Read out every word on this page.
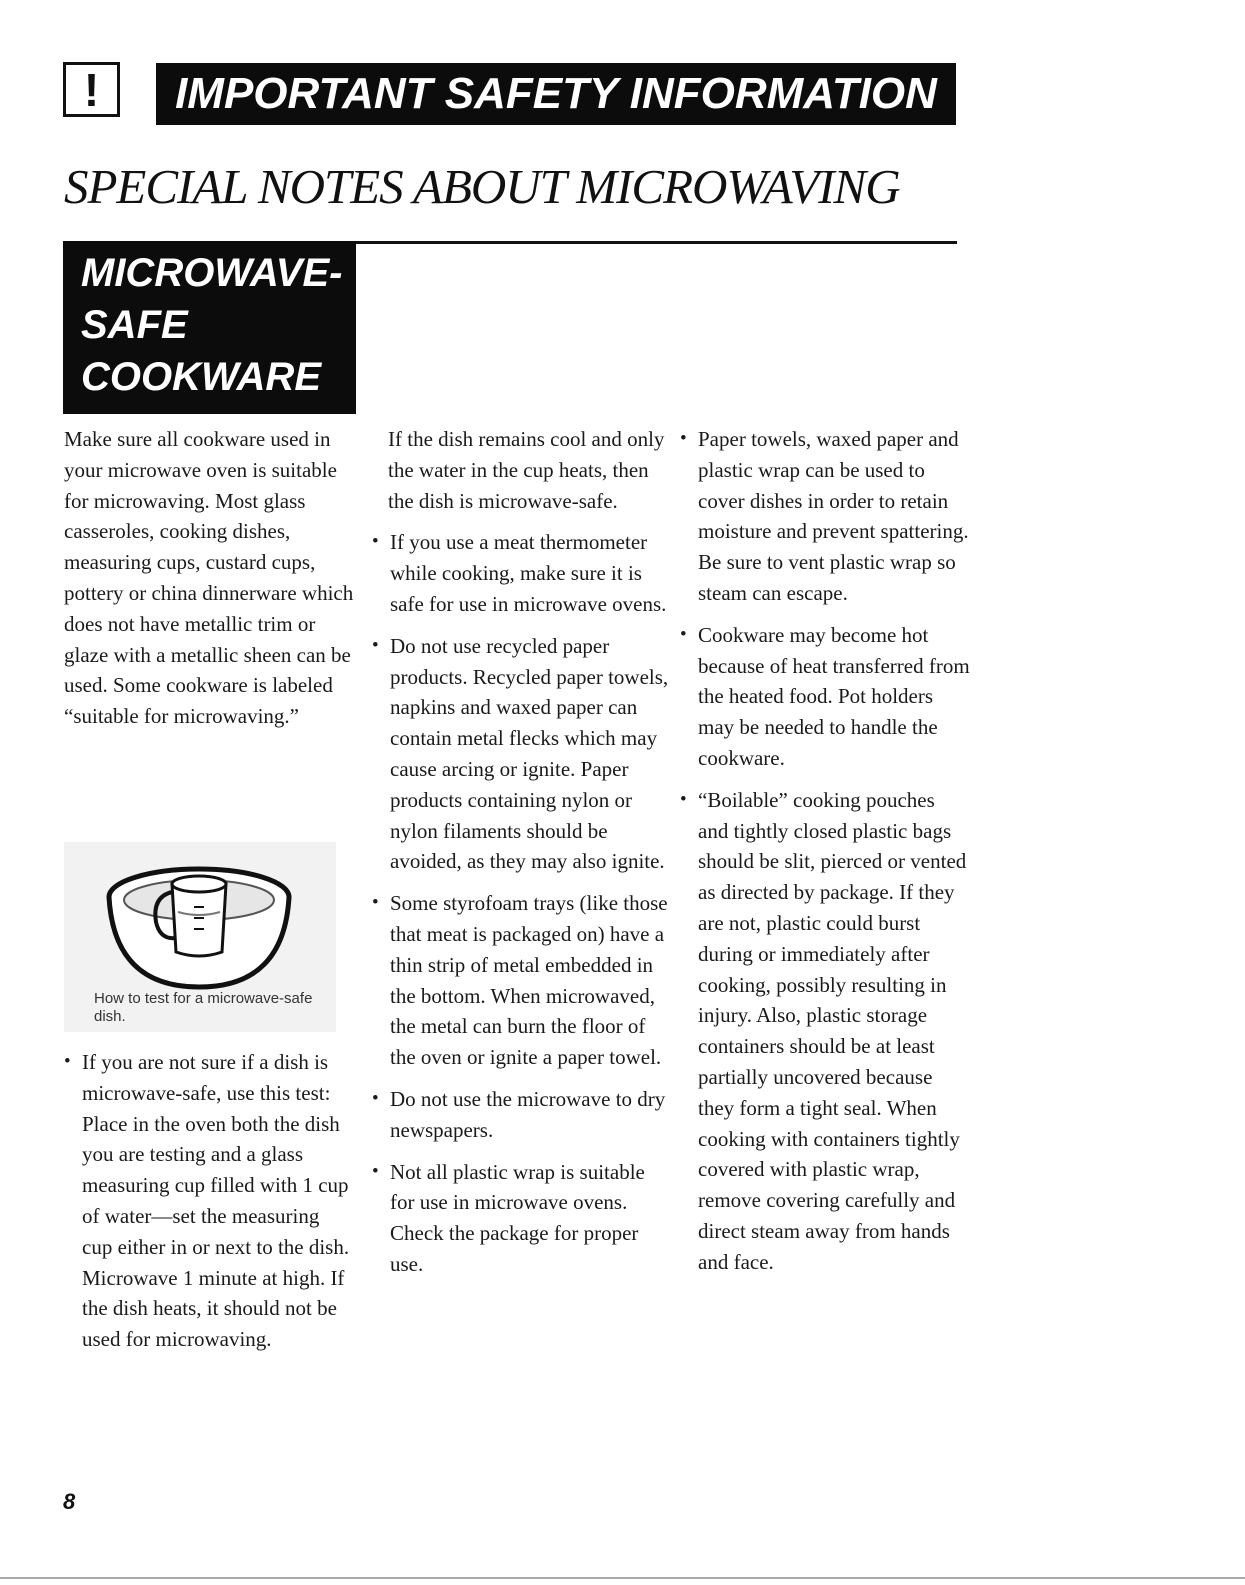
! IMPORTANT SAFETY INFORMATION
SPECIAL NOTES ABOUT MICROWAVING
MICROWAVE-
SAFE
COOKWARE

Make sure all cookware used in your microwave oven is suitable for microwaving. Most glass casseroles, cooking dishes, measuring cups, custard cups, pottery or china dinnerware which does not have metallic trim or glaze with a metallic sheen can be used. Some cookware is labeled “suitable for microwaving.”

How to test for a microwave-safe dish.

• If you are not sure if a dish is microwave-safe, use this test: Place in the oven both the dish you are testing and a glass measuring cup filled with 1 cup of water—set the measuring cup either in or next to the dish. Microwave 1 minute at high. If the dish heats, it should not be used for microwaving.

If the dish remains cool and only the water in the cup heats, then the dish is microwave-safe.

• If you use a meat thermometer while cooking, make sure it is safe for use in microwave ovens.

• Do not use recycled paper products. Recycled paper towels, napkins and waxed paper can contain metal flecks which may cause arcing or ignite. Paper products containing nylon or nylon filaments should be avoided, as they may also ignite.

• Some styrofoam trays (like those that meat is packaged on) have a thin strip of metal embedded in the bottom. When microwaved, the metal can burn the floor of the oven or ignite a paper towel.

• Do not use the microwave to dry newspapers.

• Not all plastic wrap is suitable for use in microwave ovens. Check the package for proper use.

• Paper towels, waxed paper and plastic wrap can be used to cover dishes in order to retain moisture and prevent spattering. Be sure to vent plastic wrap so steam can escape.

• Cookware may become hot because of heat transferred from the heated food. Pot holders may be needed to handle the cookware.

• “Boilable” cooking pouches and tightly closed plastic bags should be slit, pierced or vented as directed by package. If they are not, plastic could burst during or immediately after cooking, possibly resulting in injury. Also, plastic storage containers should be at least partially uncovered because they form a tight seal. When cooking with containers tightly covered with plastic wrap, remove covering carefully and direct steam away from hands and face.

8
